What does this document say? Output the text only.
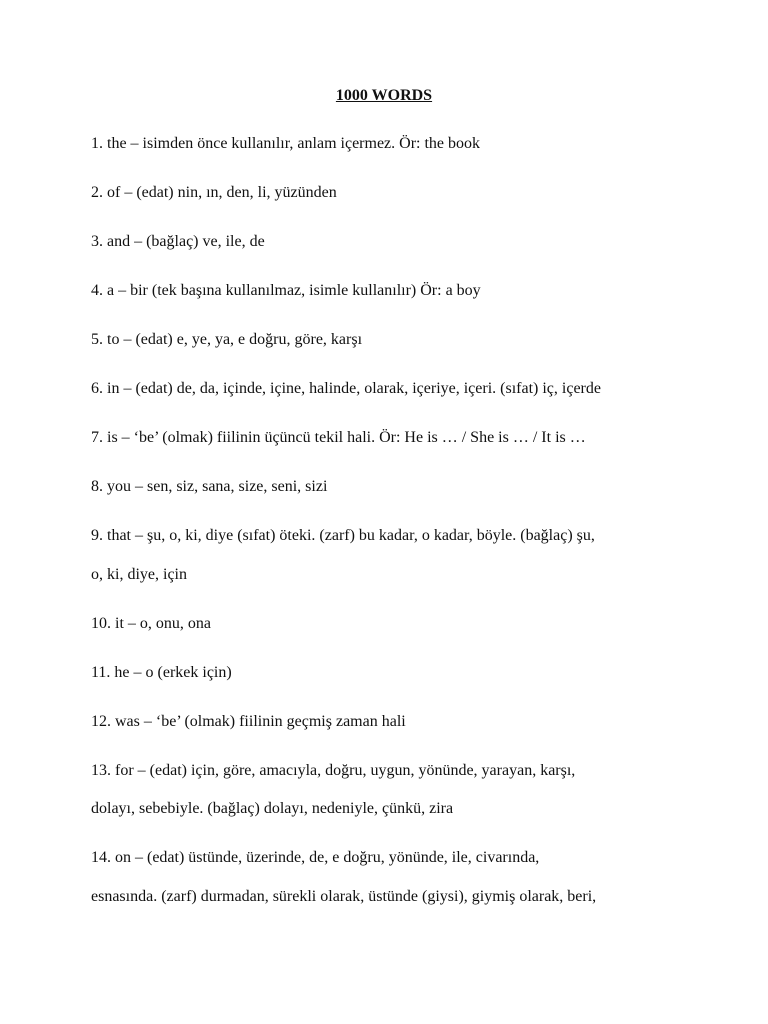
1000 WORDS
1. the – isimden önce kullanılır, anlam içermez. Ör: the book
2. of – (edat) nin, ın, den, li, yüzünden
3. and – (bağlaç) ve, ile, de
4. a – bir (tek başına kullanılmaz, isimle kullanılır) Ör: a boy
5. to – (edat) e, ye, ya, e doğru, göre, karşı
6. in – (edat) de, da, içinde, içine, halinde, olarak, içeriye, içeri. (sıfat) iç, içerde
7. is – ‘be’ (olmak) fiilinin üçüncü tekil hali. Ör: He is … / She is … / It is …
8. you – sen, siz, sana, size, seni, sizi
9. that – şu, o, ki, diye (sıfat) öteki. (zarf) bu kadar, o kadar, böyle. (bağlaç) şu,
o, ki, diye, için
10. it – o, onu, ona
11. he – o (erkek için)
12. was – ‘be’ (olmak) fiilinin geçmiş zaman hali
13. for – (edat) için, göre, amacıyla, doğru, uygun, yönünde, yarayan, karşı,
dolayı, sebebiyle. (bağlaç) dolayı, nedeniyle, çünkü, zira
14. on – (edat) üstünde, üzerinde, de, e doğru, yönünde, ile, civarında,
esnasında. (zarf) durmadan, sürekli olarak, üstünde (giysi), giymiş olarak, beri,
